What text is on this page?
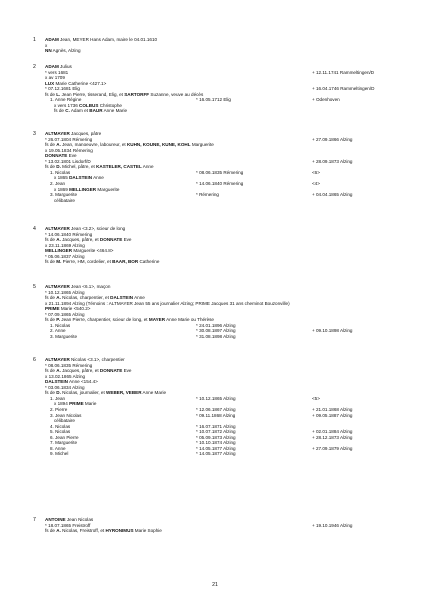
1 ADAM Jean, MEYER Hans Adam, maire le 04.01.1610
x
NN Agnès, Alzing
2 ADAM Julius
* vers 1681	+ 12.11.1741 Rammeltingen/D
x av 1709
LUX Marie Catherine <427.1>
* 07.12.1681 Elig	+ 16.04.1746 Rammeltingen/D
fs de L. Jean Pierre, tisserand, Elig, et SARTORFF Suzanne, veuve au décès
1. Anne Régine	* 16.05.1712 Elig	+ Odenhoven
x vers 1736 COLBUS Christophe
fs de C. Adam et BAUR Anne Marie
3 ALTMAYER Jacques, pâtre
* 26.07.1804 Rémering	+ 27.09.1866 Alzing
fs de A. Jean, manoeuvre, laboureur, et KUHN, KOUNE, KUNE, KOHL Marguerite
x 19.05.1834 Rémering
DONNATE Eve
* 13.02.1801 Lisdorf/D	+ 28.09.1873 Alzing
fs de D. Michel, pâtre, et KASTELER, CASTEL Anne
1. Nicolas	* 08.06.1835 Rémering	<6>
x 1865 DALSTEIN Anne
2. Jean	* 14.06.1840 Rémering	<4>
x 1869 MELLINGER Marguerite
3. Marguerite	* Rémering	+ 04.04.1865 Alzing
célibataire
4 ALTMAYER Jean <3.2>, scieur de long
* 14.06.1840 Rémering
fs de A. Jacques, pâtre, et DONNATE Eve
x 23.11.1869 Alzing
MELLINGER Marguerite <464.8>
* 05.06.1837 Alzing
fs de M. Pierre, HM, cordelier, et BAAR, BOR Catherine
5 ALTMAYER Jean <6.1>, maçon
* 10.12.1865 Alzing
fs de A. Nicolas, charpentier, et DALSTEIN Anne
x 21.11.1894 Alzing (Témoins : ALTMAYER Jean 55 ans journalier Alzing; PRIME Jacques 31 ans cheminot Bouzonville)
PRIME Marie <540.2>
* 07.09.1865 Alzing
fs de P. Jean Pierre, charpentier, scieur de long, et MAYER Anne Marie ou Thérèse
1. Nicolas	* 24.01.1896 Alzing
2. Anne	* 30.08.1897 Alzing	+ 09.10.1898 Alzing
3. Marguerite	* 31.08.1898 Alzing
6 ALTMAYER Nicolas <3.1>, charpentier
* 08.06.1835 Rémering
fs de A. Jacques, pâtre, et DONNATE Eve
x 13.02.1865 Alzing
DALSTEIN Anne <154.4>
* 03.06.1834 Alzing
fs de D. Nicolas, journalier, et WEBER, VEBER Anne Marie
1. Jean	* 10.12.1865 Alzing	<5>
x 1894 PRIME Marie
2. Pierre	* 12.06.1867 Alzing	+ 21.01.1868 Alzing
3. Jean Nicolas	* 09.11.1868 Alzing	+ 09.05.1887 Alzing
célibataire
4. Nicolas	* 16.07.1871 Alzing
5. Nicolas	* 10.07.1872 Alzing	+ 02.01.1884 Alzing
6. Jean Pierre	* 05.09.1873 Alzing	+ 28.12.1873 Alzing
7. Marguerite	* 10.10.1874 Alzing
8. Anne	* 14.05.1877 Alzing	+ 27.09.1879 Alzing
9. Michel	* 14.05.1877 Alzing
7 ANTOINE Jean Nicolas
* 18.07.1865 Freistroff	+ 19.10.1946 Alzing
fs de A. Nicolas, Freistroff, et HYRONIMUS Marie Sophie
21
